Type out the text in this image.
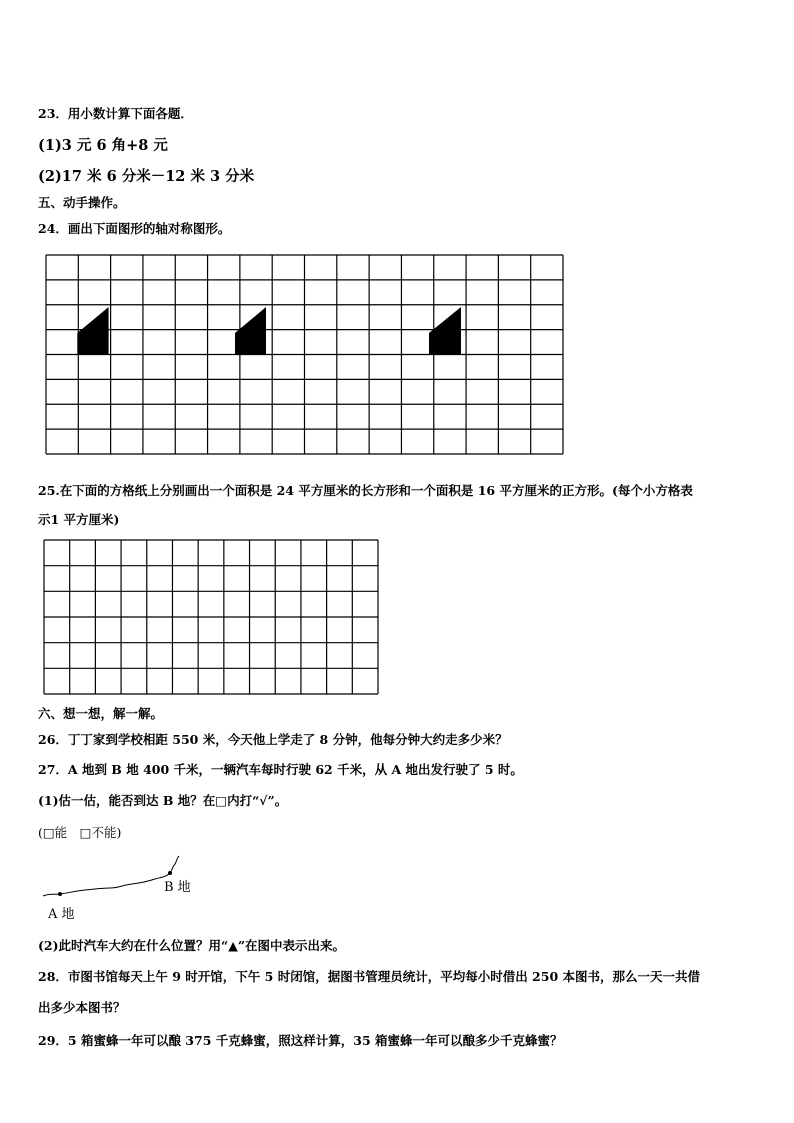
23．用小数计算下面各题．
(1)3 元 6 角+8 元
(2)17 米 6 分米－12 米 3 分米
五、动手操作。
24．画出下面图形的轴对称图形。
25.在下面的方格纸上分别画出一个面积是 24 平方厘米的长方形和一个面积是 16 平方厘米的正方形。(每个小方格表
示1 平方厘米)
六、想一想，解一解。
26．丁丁家到学校相距 550 米，今天他上学走了 8 分钟，他每分钟大约走多少米？
27．A 地到 B 地 400 千米，一辆汽车每时行驶 62 千米，从 A 地出发行驶了 5 时。
(1)估一估，能否到达 B 地？在□内打“√”。
(□能　□不能)
A 地
B 地
(2)此时汽车大约在什么位置？用“▲”在图中表示出来。
28．市图书馆每天上午 9 时开馆，下午 5 时闭馆，据图书管理员统计，平均每小时借出 250 本图书，那么一天一共借
出多少本图书？
29．5 箱蜜蜂一年可以酿 375 千克蜂蜜，照这样计算，35 箱蜜蜂一年可以酿多少千克蜂蜜？
